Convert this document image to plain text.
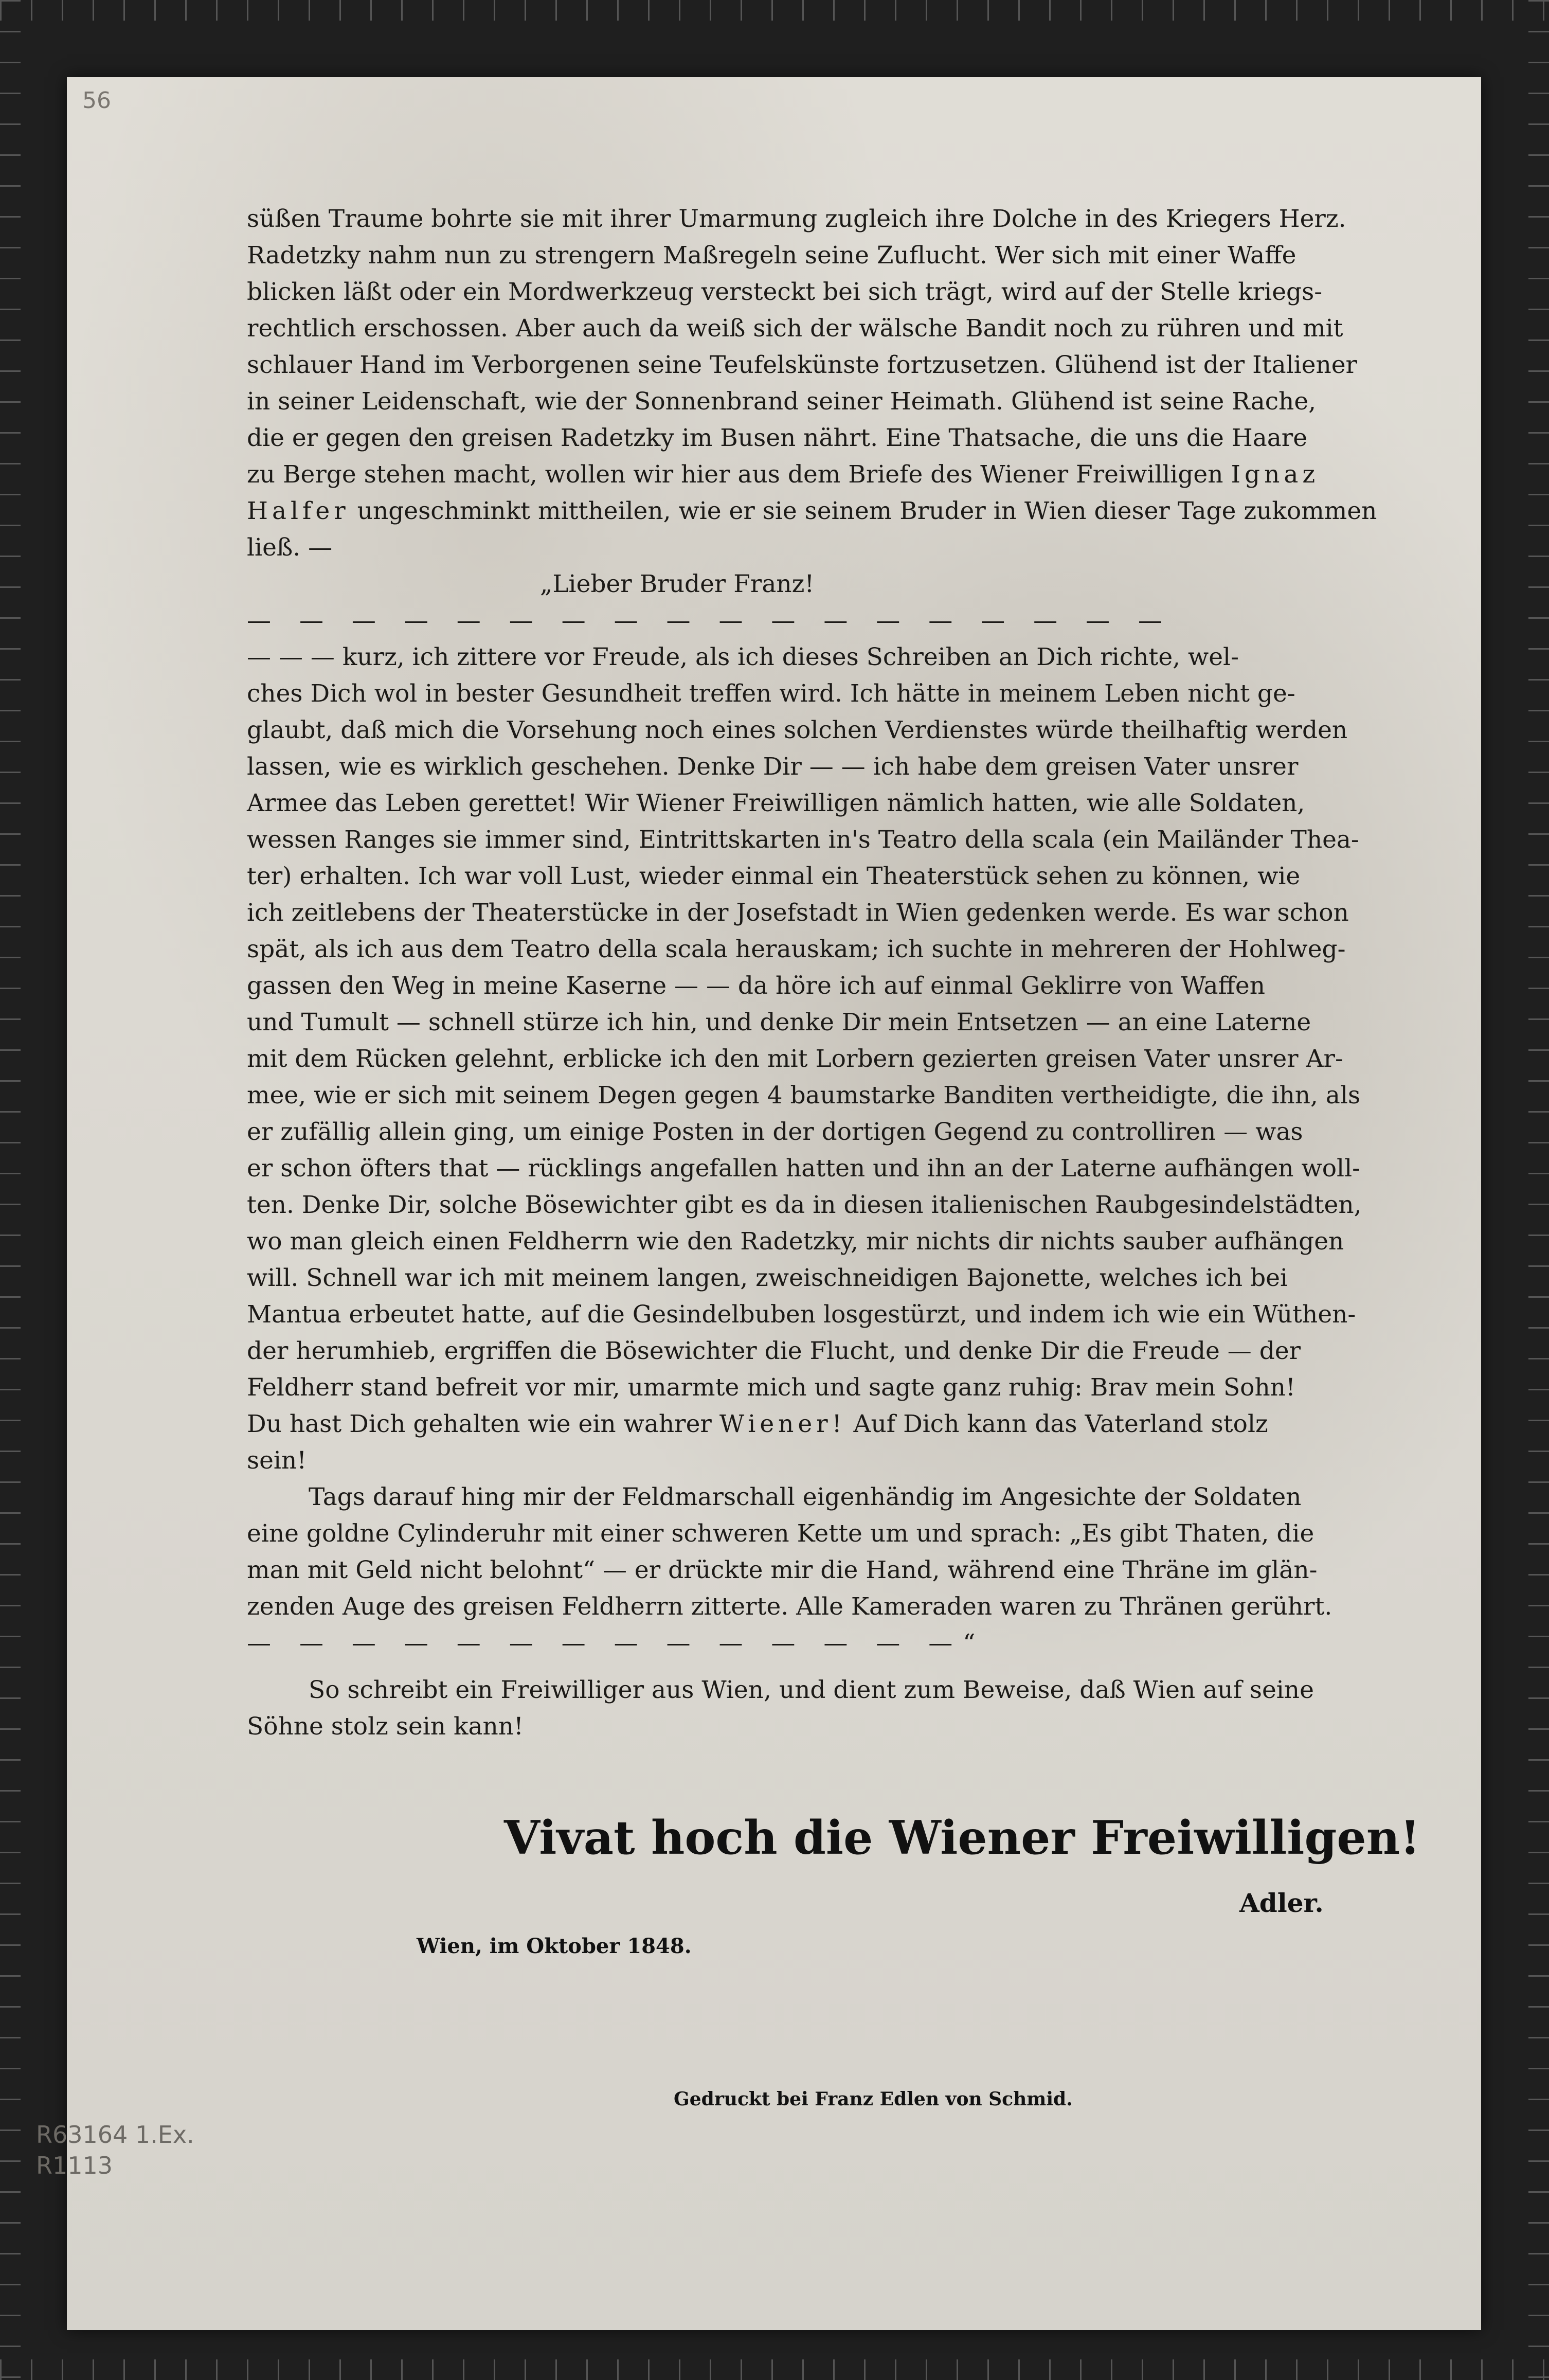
56

süßen Traume bohrte sie mit ihrer Umarmung zugleich ihre Dolche in des Kriegers Herz.
Radetzky nahm nun zu strengern Maßregeln seine Zuflucht. Wer sich mit einer Waffe
blicken läßt oder ein Mordwerkzeug versteckt bei sich trägt, wird auf der Stelle kriegs-
rechtlich erschossen. Aber auch da weiß sich der wälsche Bandit noch zu rühren und mit
schlauer Hand im Verborgenen seine Teufelskünste fortzusetzen. Glühend ist der Italiener
in seiner Leidenschaft, wie der Sonnenbrand seiner Heimath. Glühend ist seine Rache,
die er gegen den greisen Radetzky im Busen nährt. Eine Thatsache, die uns die Haare
zu Berge stehen macht, wollen wir hier aus dem Briefe des Wiener Freiwilligen Ignaz
Halfer ungeschminkt mittheilen, wie er sie seinem Bruder in Wien dieser Tage zukommen
ließ. —

„Lieber Bruder Franz!

— — — — — — — — — — — — — — — — — —

— — — kurz, ich zittere vor Freude, als ich dieses Schreiben an Dich richte, wel-
ches Dich wol in bester Gesundheit treffen wird. Ich hätte in meinem Leben nicht ge-
glaubt, daß mich die Vorsehung noch eines solchen Verdienstes würde theilhaftig werden
lassen, wie es wirklich geschehen. Denke Dir — — ich habe dem greisen Vater unsrer
Armee das Leben gerettet! Wir Wiener Freiwilligen nämlich hatten, wie alle Soldaten,
wessen Ranges sie immer sind, Eintrittskarten in's Teatro della scala (ein Mailänder Thea-
ter) erhalten. Ich war voll Lust, wieder einmal ein Theaterstück sehen zu können, wie
ich zeitlebens der Theaterstücke in der Josefstadt in Wien gedenken werde. Es war schon
spät, als ich aus dem Teatro della scala herauskam; ich suchte in mehreren der Hohlweg-
gassen den Weg in meine Kaserne — — da höre ich auf einmal Geklirre von Waffen
und Tumult — schnell stürze ich hin, und denke Dir mein Entsetzen — an eine Laterne
mit dem Rücken gelehnt, erblicke ich den mit Lorbern gezierten greisen Vater unsrer Ar-
mee, wie er sich mit seinem Degen gegen 4 baumstarke Banditen vertheidigte, die ihn, als
er zufällig allein ging, um einige Posten in der dortigen Gegend zu controlliren — was
er schon öfters that — rücklings angefallen hatten und ihn an der Laterne aufhängen woll-
ten. Denke Dir, solche Bösewichter gibt es da in diesen italienischen Raubgesindelstädten,
wo man gleich einen Feldherrn wie den Radetzky, mir nichts dir nichts sauber aufhängen
will. Schnell war ich mit meinem langen, zweischneidigen Bajonette, welches ich bei
Mantua erbeutet hatte, auf die Gesindelbuben losgestürzt, und indem ich wie ein Wüthen-
der herumhieb, ergriffen die Bösewichter die Flucht, und denke Dir die Freude — der
Feldherr stand befreit vor mir, umarmte mich und sagte ganz ruhig: Brav mein Sohn!
Du hast Dich gehalten wie ein wahrer Wiener! Auf Dich kann das Vaterland stolz
sein!

Tags darauf hing mir der Feldmarschall eigenhändig im Angesichte der Soldaten
eine goldne Cylinderuhr mit einer schweren Kette um und sprach: „Es gibt Thaten, die
man mit Geld nicht belohnt“ — er drückte mir die Hand, während eine Thräne im glän-
zenden Auge des greisen Feldherrn zitterte. Alle Kameraden waren zu Thränen gerührt.

— — — — — — — — — — — — — —“

So schreibt ein Freiwilliger aus Wien, und dient zum Beweise, daß Wien auf seine
Söhne stolz sein kann!

Vivat hoch die Wiener Freiwilligen!
Adler.
Wien, im Oktober 1848.
Gedruckt bei Franz Edlen von Schmid.
R63164 1.Ex.
R1113
